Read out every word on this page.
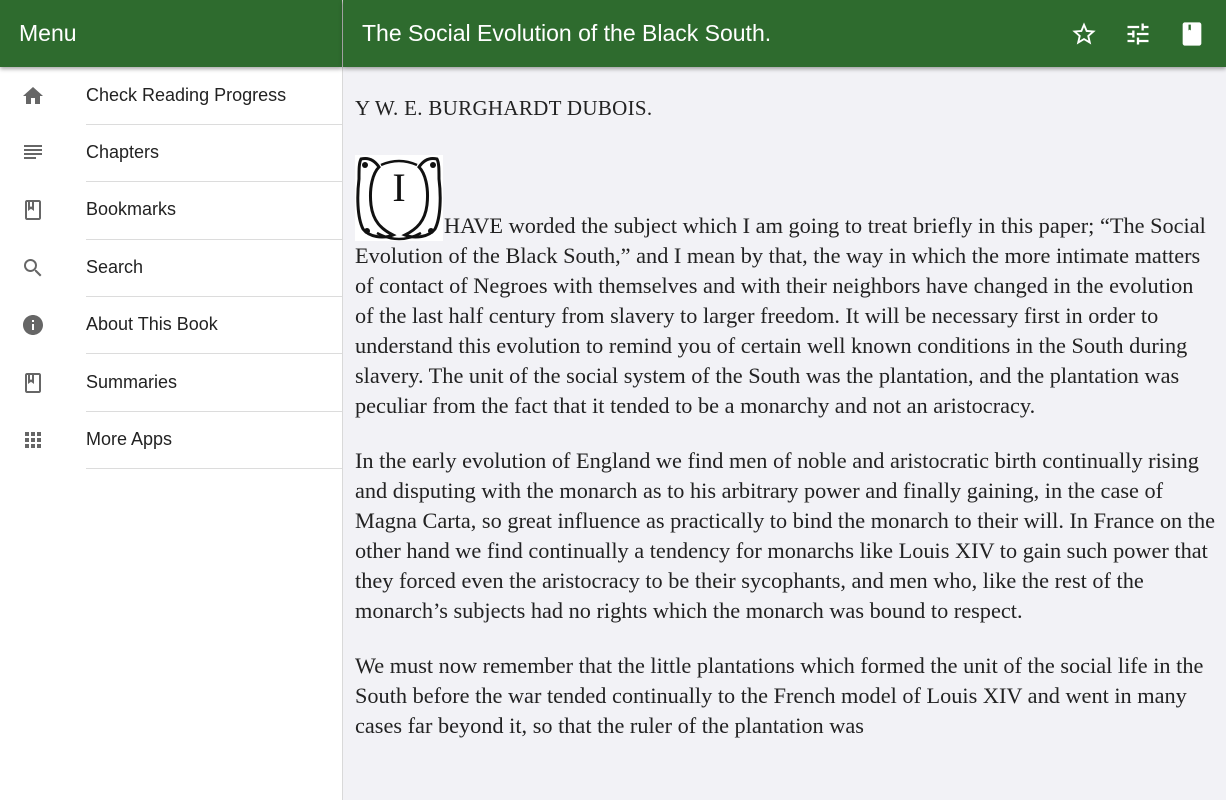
Menu
Check Reading Progress
Chapters
Bookmarks
Search
About This Book
Summaries
More Apps
The Social Evolution of the Black South.
Y W. E. BURGHARDT DUBOIS.

I
HAVE worded the subject which I am going to treat briefly in this paper; “The Social Evolution of the Black South,” and I mean by that, the way in which the more intimate matters of contact of Negroes with themselves and with their neighbors have changed in the evolution of the last half century from slavery to larger freedom. It will be necessary first in order to understand this evolution to remind you of certain well known conditions in the South during slavery. The unit of the social system of the South was the plantation, and the plantation was peculiar from the fact that it tended to be a monarchy and not an aristocracy.

In the early evolution of England we find men of noble and aristocratic birth continually rising and disputing with the monarch as to his arbitrary power and finally gaining, in the case of Magna Carta, so great influence as practically to bind the monarch to their will. In France on the other hand we find continually a tendency for monarchs like Louis XIV to gain such power that they forced even the aristocracy to be their sycophants, and men who, like the rest of the monarch’s subjects had no rights which the monarch was bound to respect.

We must now remember that the little plantations which formed the unit of the social life in the South before the war tended continually to the French model of Louis XIV and went in many cases far beyond it, so that the ruler of the plantation was
